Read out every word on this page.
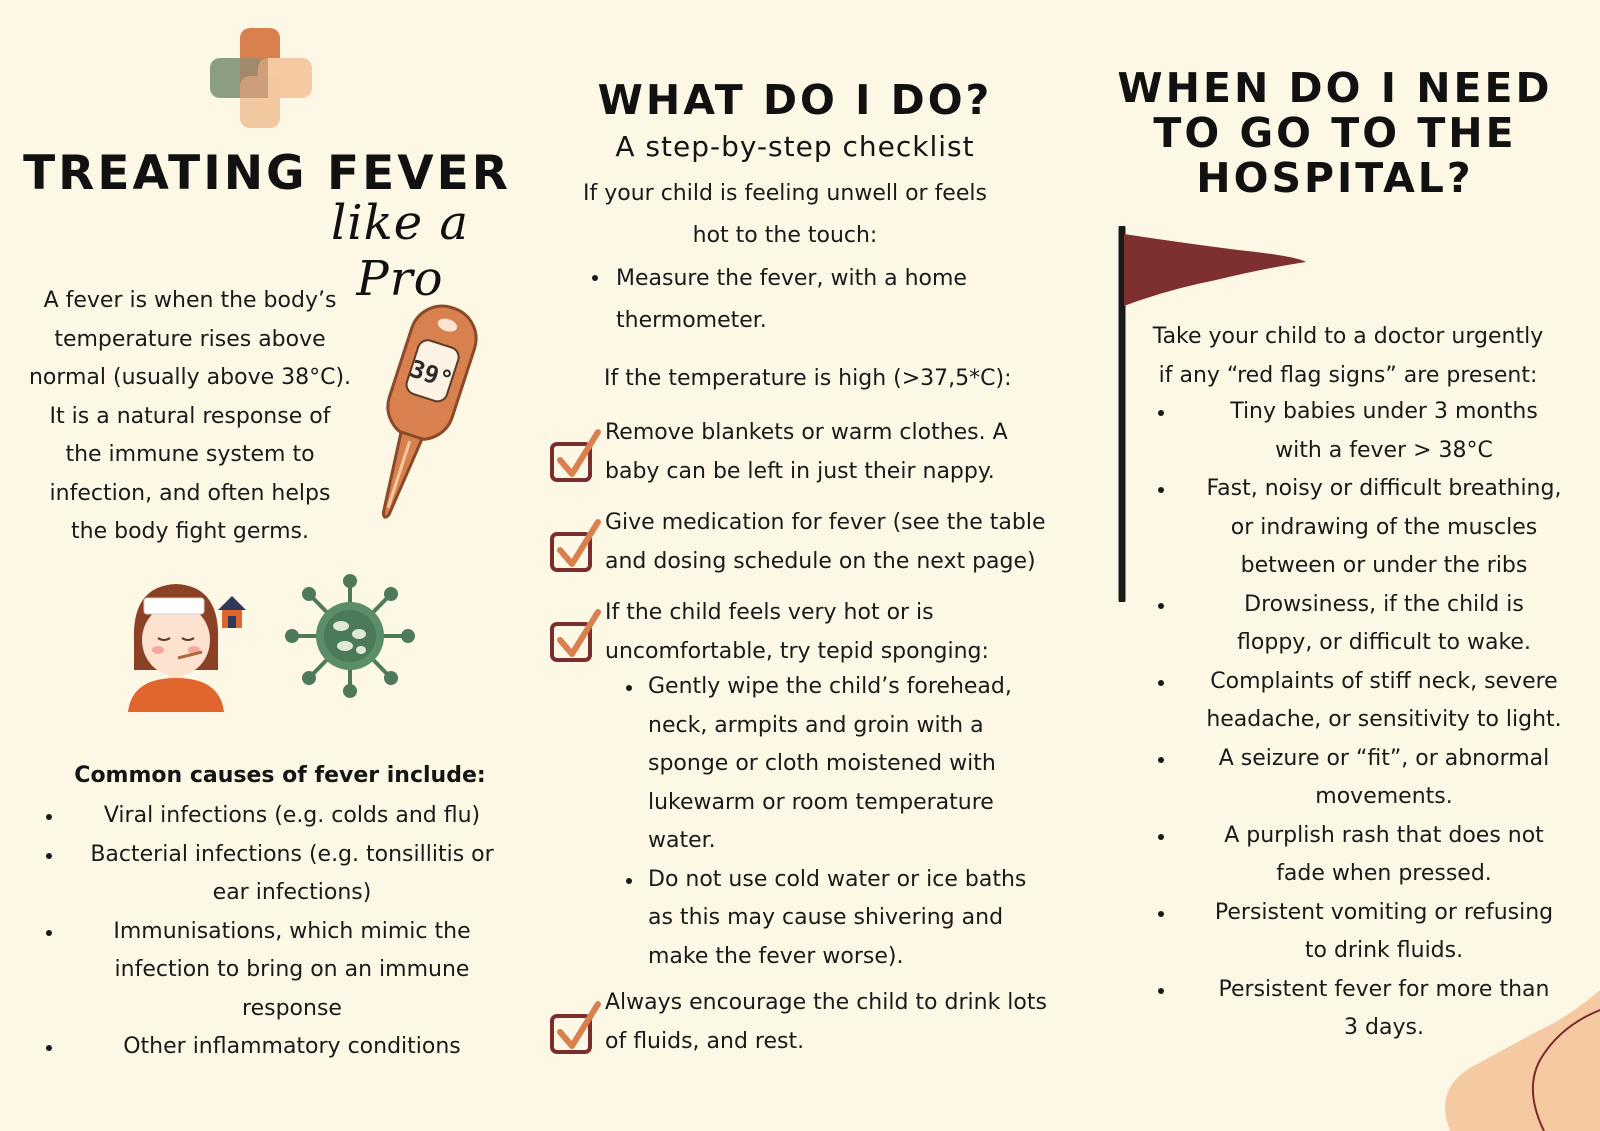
TREATING FEVER
like a Pro
A fever is when the body’s
temperature rises above
normal (usually above 38°C).
It is a natural response of
the immune system to
infection, and often helps
the body fight germs.
39°
Common causes of fever include:
Viral infections (e.g. colds and flu)
Bacterial infections (e.g. tonsillitis or
ear infections)
Immunisations, which mimic the
infection to bring on an immune
response
Other inflammatory conditions
WHAT DO I DO?
A step-by-step checklist
If your child is feeling unwell or feels
hot to the touch:
Measure the fever, with a home
thermometer.
If the temperature is high (>37,5*C):
Remove blankets or warm clothes. A
baby can be left in just their nappy.
Give medication for fever (see the table
and dosing schedule on the next page)
If the child feels very hot or is
uncomfortable, try tepid sponging:
Gently wipe the child’s forehead,
neck, armpits and groin with a
sponge or cloth moistened with
lukewarm or room temperature
water.
Do not use cold water or ice baths
as this may cause shivering and
make the fever worse).
Always encourage the child to drink lots
of fluids, and rest.
WHEN DO I NEED
TO GO TO THE
HOSPITAL?
Take your child to a doctor urgently
if any “red flag signs” are present:
Tiny babies under 3 months
with a fever > 38°C
Fast, noisy or difficult breathing,
or indrawing of the muscles
between or under the ribs
Drowsiness, if the child is
floppy, or difficult to wake.
Complaints of stiff neck, severe
headache, or sensitivity to light.
A seizure or “fit”, or abnormal
movements.
A purplish rash that does not
fade when pressed.
Persistent vomiting or refusing
to drink fluids.
Persistent fever for more than
3 days.
